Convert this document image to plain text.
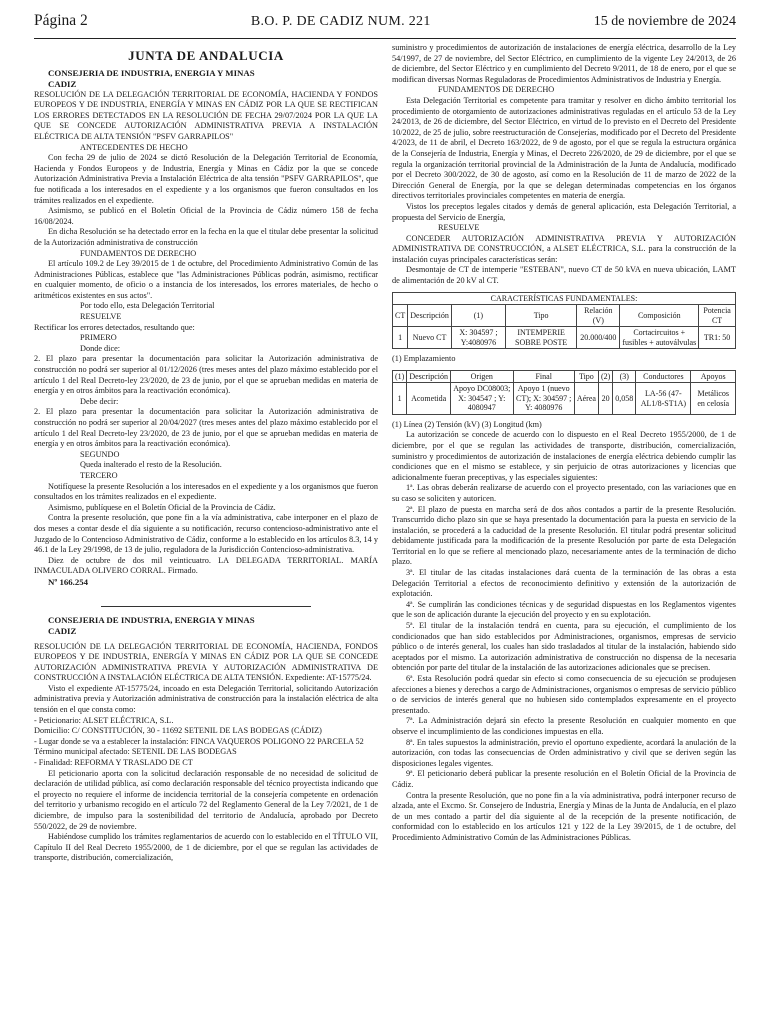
Página 2	B.O. P. DE CADIZ NUM. 221	15 de noviembre de 2024
JUNTA DE ANDALUCIA

CONSEJERIA DE INDUSTRIA, ENERGIA Y MINAS

CADIZ

RESOLUCIÓN DE LA DELEGACIÓN TERRITORIAL DE ECONOMÍA, HACIENDA Y FONDOS EUROPEOS Y DE INDUSTRIA, ENERGÍA Y MINAS EN CÁDIZ POR LA QUE SE RECTIFICAN LOS ERRORES DETECTADOS EN LA RESOLUCIÓN DE FECHA 29/07/2024 POR LA QUE LA QUE SE CONCEDE AUTORIZACIÓN ADMINISTRATIVA PREVIA A INSTALACIÓN ELÉCTRICA DE ALTA TENSIÓN "PSFV GARRAPILOS"

ANTECEDENTES DE HECHO

Con fecha 29 de julio de 2024 se dictó Resolución de la Delegación Territorial de Economía, Hacienda y Fondos Europeos y de Industria, Energía y Minas en Cádiz por la que se concede Autorización Administrativa Previa a Instalación Eléctrica de alta tensión "PSFV GARRAPILOS", que fue notificada a los interesados en el expediente y a los organismos que fueron consultados en los trámites realizados en el expediente.

Asimismo, se publicó en el Boletín Oficial de la Provincia de Cádiz número 158 de fecha 16/08/2024.

En dicha Resolución se ha detectado error en la fecha en la que el titular debe presentar la solicitud de la Autorización administrativa de construcción

FUNDAMENTOS DE DERECHO

El artículo 109.2 de Ley 39/2015 de 1 de octubre, del Procedimiento Administrativo Común de las Administraciones Públicas, establece que "las Administraciones Públicas podrán, asimismo, rectificar en cualquier momento, de oficio o a instancia de los interesados, los errores materiales, de hecho o aritméticos existentes en sus actos".

Por todo ello, esta Delegación Territorial

RESUELVE

Rectificar los errores detectados, resultando que:

PRIMERO

Donde dice:

2. El plazo para presentar la documentación para solicitar la Autorización administrativa de construcción no podrá ser superior al 01/12/2026 (tres meses antes del plazo máximo establecido por el artículo 1 del Real Decreto-ley 23/2020, de 23 de junio, por el que se aprueban medidas en materia de energía y en otros ámbitos para la reactivación económica).

Debe decir:

2. El plazo para presentar la documentación para solicitar la Autorización administrativa de construcción no podrá ser superior al 20/04/2027 (tres meses antes del plazo máximo establecido por el artículo 1 del Real Decreto-ley 23/2020, de 23 de junio, por el que se aprueban medidas en materia de energía y en otros ámbitos para la reactivación económica).

SEGUNDO

Queda inalterado el resto de la Resolución.

TERCERO

Notifíquese la presente Resolución a los interesados en el expediente y a los organismos que fueron consultados en los trámites realizados en el expediente.

Asimismo, publíquese en el Boletín Oficial de la Provincia de Cádiz.

Contra la presente resolución, que pone fin a la vía administrativa, cabe interponer en el plazo de dos meses a contar desde el día siguiente a su notificación, recurso contencioso-administrativo ante el Juzgado de lo Contencioso Administrativo de Cádiz, conforme a lo establecido en los artículos 8.3, 14 y 46.1 de la Ley 29/1998, de 13 de julio, reguladora de la Jurisdicción Contencioso-administrativa.

Diez de octubre de dos mil veinticuatro. LA DELEGADA TERRITORIAL. MARÍA INMACULADA OLIVERO CORRAL. Firmado.

Nº 166.254

CONSEJERIA DE INDUSTRIA, ENERGIA Y MINAS

CADIZ

RESOLUCIÓN DE LA DELEGACIÓN TERRITORIAL DE ECONOMÍA, HACIENDA, FONDOS EUROPEOS Y DE INDUSTRIA, ENERGÍA Y MINAS EN CÁDIZ POR LA QUE SE CONCEDE AUTORIZACIÓN ADMINISTRATIVA PREVIA Y AUTORIZACIÓN ADMINISTRATIVA DE CONSTRUCCIÓN A INSTALACIÓN ELÉCTRICA DE ALTA TENSIÓN. Expediente: AT-15775/24.

Visto el expediente AT-15775/24, incoado en esta Delegación Territorial, solicitando Autorización administrativa previa y Autorización administrativa de construcción para la instalación eléctrica de alta tensión en el que consta como:

- Peticionario: ALSET ELÉCTRICA, S.L.

Domicilio: C/ CONSTITUCIÓN, 30 - 11692 SETENIL DE LAS BODEGAS (CÁDIZ)

- Lugar donde se va a establecer la instalación: FINCA VAQUEROS POLIGONO 22 PARCELA 52

Término municipal afectado: SETENIL DE LAS BODEGAS

- Finalidad: REFORMA Y TRASLADO DE CT

El peticionario aporta con la solicitud declaración responsable de no necesidad de solicitud de declaración de utilidad pública, así como declaración responsable del técnico proyectista indicando que el proyecto no requiere el informe de incidencia territorial de la consejería competente en ordenación del territorio y urbanismo recogido en el artículo 72 del Reglamento General de la Ley 7/2021, de 1 de diciembre, de impulso para la sostenibilidad del territorio de Andalucía, aprobado por Decreto 550/2022, de 29 de noviembre.

Habiéndose cumplido los trámites reglamentarios de acuerdo con lo establecido en el TÍTULO VII, Capítulo II del Real Decreto 1955/2000, de 1 de diciembre, por el que se regulan las actividades de transporte, distribución, comercialización,

suministro y procedimientos de autorización de instalaciones de energía eléctrica, desarrollo de la Ley 54/1997, de 27 de noviembre, del Sector Eléctrico, en cumplimiento de la vigente Ley 24/2013, de 26 de diciembre, del Sector Eléctrico y en cumplimiento del Decreto 9/2011, de 18 de enero, por el que se modifican diversas Normas Reguladoras de Procedimientos Administrativos de Industria y Energía.

FUNDAMENTOS DE DERECHO

Esta Delegación Territorial es competente para tramitar y resolver en dicho ámbito territorial los procedimiento de otorgamiento de autorizaciones administrativas reguladas en el artículo 53 de la Ley 24/2013, de 26 de diciembre, del Sector Eléctrico, en virtud de lo previsto en el Decreto del Presidente 10/2022, de 25 de julio, sobre reestructuración de Consejerías, modificado por el Decreto del Presidente 4/2023, de 11 de abril, el Decreto 163/2022, de 9 de agosto, por el que se regula la estructura orgánica de la Consejería de Industria, Energía y Minas, el Decreto 226/2020, de 29 de diciembre, por el que se regula la organización territorial provincial de la Administración de la Junta de Andalucía, modificado por el Decreto 300/2022, de 30 de agosto, así como en la Resolución de 11 de marzo de 2022 de la Dirección General de Energía, por la que se delegan determinadas competencias en los órganos directivos territoriales provinciales competentes en materia de energía.

Vistos los preceptos legales citados y demás de general aplicación, esta Delegación Territorial, a propuesta del Servicio de Energía,

RESUELVE

CONCEDER AUTORIZACIÓN ADMINISTRATIVA PREVIA Y AUTORIZACIÓN ADMINISTRATIVA DE CONSTRUCCIÓN, a ALSET ELÉCTRICA, S.L. para la construcción de la instalación cuyas principales características serán:

Desmontaje de CT de intemperie "ESTEBAN", nuevo CT de 50 kVA en nueva ubicación, LAMT de alimentación de 20 kV al CT.

CARACTERÍSTICAS FUNDAMENTALES:						
CT	Descripción	(1)	Tipo	Relación (V)	Composición	Potencia CT
1	Nuevo CT	X: 304597 ; Y:4080976	INTEMPERIE SOBRE POSTE	20.000/400	Cortacircuitos + fusibles + autoválvulas	TR1: 50

(1) Emplazamiento

(1)	Descripción	Origen	Final	Tipo	(2)	(3)	Conductores	Apoyos
1	Acometida	Apoyo DC08003; X: 304547 ; Y: 4080947	Apoyo 1 (nuevo CT); X: 304597 ; Y: 4080976	Aérea	20	0,058	LA-56 (47-AL1/8-ST1A)	Metálicos en celosía

(1) Línea (2) Tensión (kV) (3) Longitud (km)

La autorización se concede de acuerdo con lo dispuesto en el Real Decreto 1955/2000, de 1 de diciembre, por el que se regulan las actividades de transporte, distribución, comercialización, suministro y procedimientos de autorización de instalaciones de energía eléctrica debiendo cumplir las condiciones que en el mismo se establece, y sin perjuicio de otras autorizaciones y licencias que adicionalmente fueran preceptivas, y las especiales siguientes:

1ª. Las obras deberán realizarse de acuerdo con el proyecto presentado, con las variaciones que en su caso se soliciten y autoricen.

2ª. El plazo de puesta en marcha será de dos años contados a partir de la presente Resolución. Transcurrido dicho plazo sin que se haya presentado la documentación para la puesta en servicio de la instalación, se procederá a la caducidad de la presente Resolución. El titular podrá presentar solicitud debidamente justificada para la modificación de la presente Resolución por parte de esta Delegación Territorial en lo que se refiere al mencionado plazo, necesariamente antes de la terminación de dicho plazo.

3ª. El titular de las citadas instalaciones dará cuenta de la terminación de las obras a esta Delegación Territorial a efectos de reconocimiento definitivo y extensión de la autorización de explotación.

4ª. Se cumplirán las condiciones técnicas y de seguridad dispuestas en los Reglamentos vigentes que le son de aplicación durante la ejecución del proyecto y en su explotación.

5ª. El titular de la instalación tendrá en cuenta, para su ejecución, el cumplimiento de los condicionados que han sido establecidos por Administraciones, organismos, empresas de servicio público o de interés general, los cuales han sido trasladados al titular de la instalación, habiendo sido aceptados por el mismo. La autorización administrativa de construcción no dispensa de la necesaria obtención por parte del titular de la instalación de las autorizaciones adicionales que se precisen.

6ª. Esta Resolución podrá quedar sin efecto si como consecuencia de su ejecución se produjesen afecciones a bienes y derechos a cargo de Administraciones, organismos o empresas de servicio público o de servicios de interés general que no hubiesen sido contemplados expresamente en el proyecto presentado.

7ª. La Administración dejará sin efecto la presente Resolución en cualquier momento en que observe el incumplimiento de las condiciones impuestas en ella.

8ª. En tales supuestos la administración, previo el oportuno expediente, acordará la anulación de la autorización, con todas las consecuencias de Orden administrativo y civil que se deriven según las disposiciones legales vigentes.

9ª. El peticionario deberá publicar la presente resolución en el Boletín Oficial de la Provincia de Cádiz.

Contra la presente Resolución, que no pone fin a la vía administrativa, podrá interponer recurso de alzada, ante el Excmo. Sr. Consejero de Industria, Energía y Minas de la Junta de Andalucía, en el plazo de un mes contado a partir del día siguiente al de la recepción de la presente notificación, de conformidad con lo establecido en los artículos 121 y 122 de la Ley 39/2015, de 1 de octubre, del Procedimiento Administrativo Común de las Administraciones Públicas.
